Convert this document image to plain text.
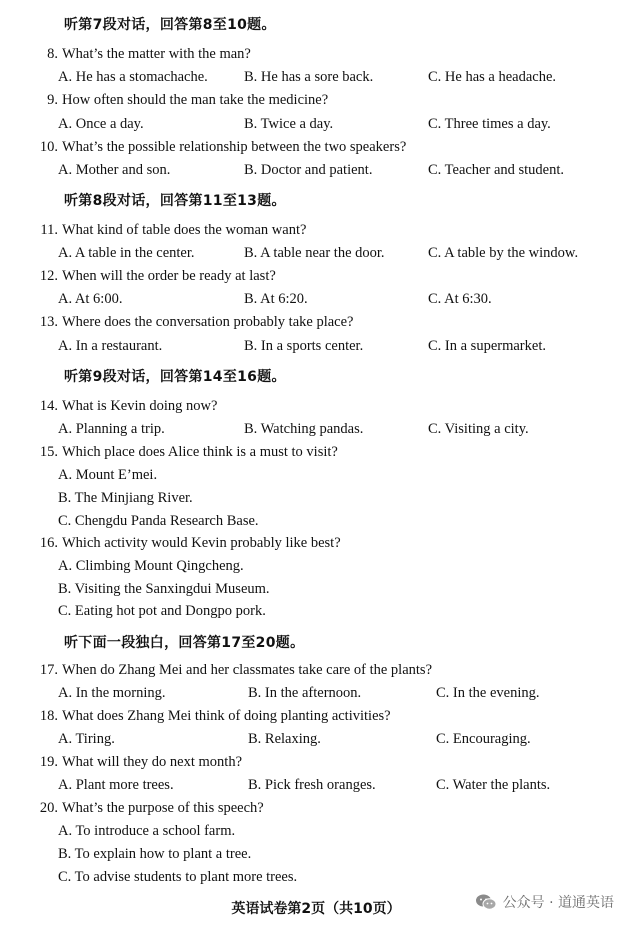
听第7段对话，回答第8至10题。
8. What’s the matter with the man?
A. He has a stomachache. B. He has a sore back.	C. He has a headache.
9. How often should the man take the medicine?
A. Once a day.	B. Twice a day.	C. Three times a day.
10. What’s the possible relationship between the two speakers?
A. Mother and son.	B. Doctor and patient.	C. Teacher and student.
听第8段对话，回答第11至13题。
11. What kind of table does the woman want?
A. A table in the center.	B. A table near the door.	C. A table by the window.
12. When will the order be ready at last?
A. At 6:00.	B. At 6:20.	C. At 6:30.
13. Where does the conversation probably take place?
A. In a restaurant.	B. In a sports center.	C. In a supermarket.
听第9段对话，回答第14至16题。
14. What is Kevin doing now?
A. Planning a trip.	B. Watching pandas.	C. Visiting a city.
15. Which place does Alice think is a must to visit?
A. Mount E’mei.
B. The Minjiang River.
C. Chengdu Panda Research Base.
16. Which activity would Kevin probably like best?
A. Climbing Mount Qingcheng.
B. Visiting the Sanxingdui Museum.
C. Eating hot pot and Dongpo pork.
听下面一段独白，回答第17至20题。
17. When do Zhang Mei and her classmates take care of the plants?
A. In the morning.	B. In the afternoon.	C. In the evening.
18. What does Zhang Mei think of doing planting activities?
A. Tiring.	B. Relaxing.	C. Encouraging.
19. What will they do next month?
A. Plant more trees.	B. Pick fresh oranges.	C. Water the plants.
20. What’s the purpose of this speech?
A. To introduce a school farm.
B. To explain how to plant a tree.
C. To advise students to plant more trees.
英语试卷第2页（共10页）	公众号 · 道通英语
